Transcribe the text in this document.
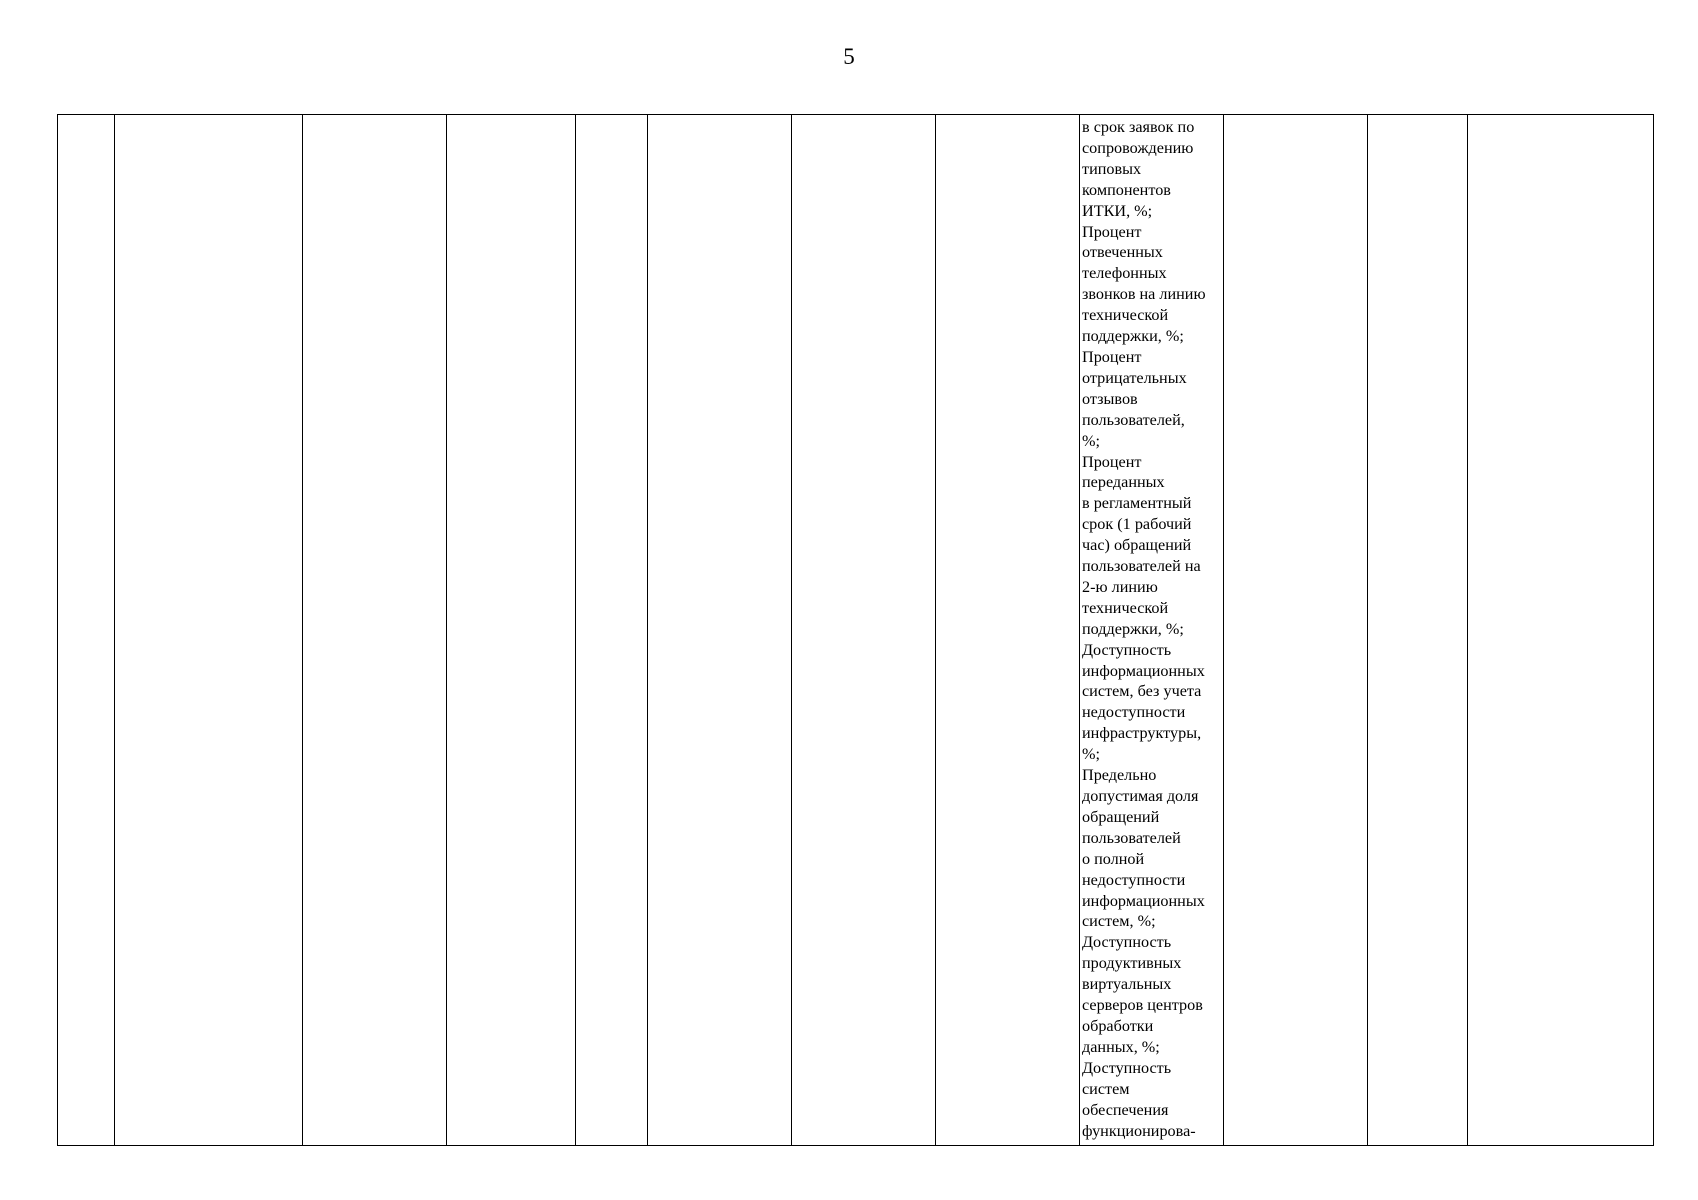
5

в срок заявок по
сопровождению
типовых
компонентов
ИТКИ, %;
Процент
отвеченных
телефонных
звонков на линию
технической
поддержки, %;
Процент
отрицательных
отзывов
пользователей,
%;
Процент
переданных
в регламентный
срок (1 рабочий
час) обращений
пользователей на
2-ю линию
технической
поддержки, %;
Доступность
информационных
систем, без учета
недоступности
инфраструктуры,
%;
Предельно
допустимая доля
обращений
пользователей
о полной
недоступности
информационных
систем, %;
Доступность
продуктивных
виртуальных
серверов центров
обработки
данных, %;
Доступность
систем
обеспечения
функционирова-
